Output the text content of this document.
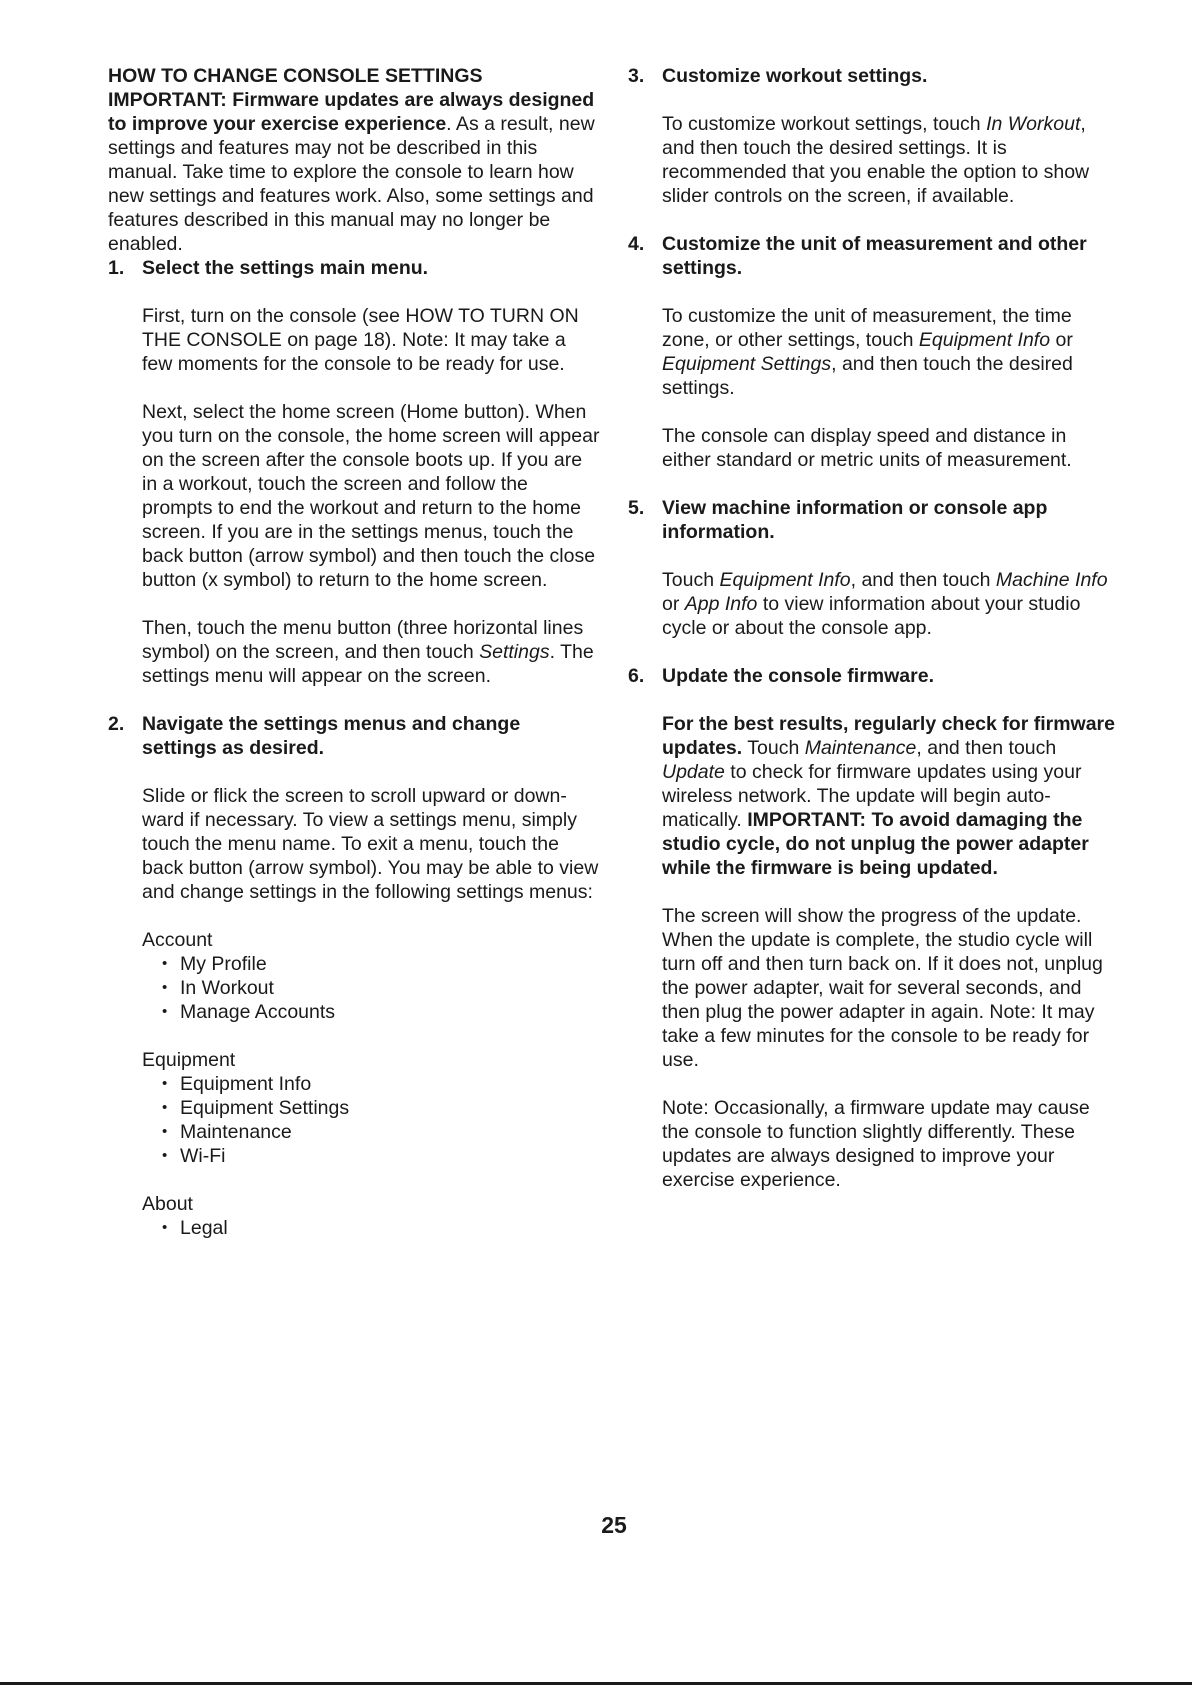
HOW TO CHANGE CONSOLE SETTINGS

IMPORTANT: Firmware updates are always designed to improve your exercise experience. As a result, new settings and features may not be described in this manual. Take time to explore the console to learn how new settings and features work. Also, some settings and features described in this manual may no longer be enabled.

1. Select the settings main menu.

First, turn on the console (see HOW TO TURN ON THE CONSOLE on page 18). Note: It may take a few moments for the console to be ready for use.

Next, select the home screen (Home button). When you turn on the console, the home screen will appear on the screen after the console boots up. If you are in a workout, touch the screen and follow the prompts to end the workout and return to the home screen. If you are in the settings menus, touch the back button (arrow symbol) and then touch the close button (x symbol) to return to the home screen.

Then, touch the menu button (three horizontal lines symbol) on the screen, and then touch Settings. The settings menu will appear on the screen.

2. Navigate the settings menus and change settings as desired.

Slide or flick the screen to scroll upward or down-ward if necessary. To view a settings menu, simply touch the menu name. To exit a menu, touch the back button (arrow symbol). You may be able to view and change settings in the following settings menus:

Account
• My Profile
• In Workout
• Manage Accounts
Equipment
• Equipment Info
• Equipment Settings
• Maintenance
• Wi-Fi
About
• Legal
3. Customize workout settings.

To customize workout settings, touch In Workout, and then touch the desired settings. It is recommended that you enable the option to show slider controls on the screen, if available.

4. Customize the unit of measurement and other settings.

To customize the unit of measurement, the time zone, or other settings, touch Equipment Info or Equipment Settings, and then touch the desired settings.

The console can display speed and distance in either standard or metric units of measurement.

5. View machine information or console app information.

Touch Equipment Info, and then touch Machine Info or App Info to view information about your studio cycle or about the console app.

6. Update the console firmware.

For the best results, regularly check for firmware updates. Touch Maintenance, and then touch Update to check for firmware updates using your wireless network. The update will begin auto-matically. IMPORTANT: To avoid damaging the studio cycle, do not unplug the power adapter while the firmware is being updated.

The screen will show the progress of the update. When the update is complete, the studio cycle will turn off and then turn back on. If it does not, unplug the power adapter, wait for several seconds, and then plug the power adapter in again. Note: It may take a few minutes for the console to be ready for use.

Note: Occasionally, a firmware update may cause the console to function slightly differently. These updates are always designed to improve your exercise experience.

25
